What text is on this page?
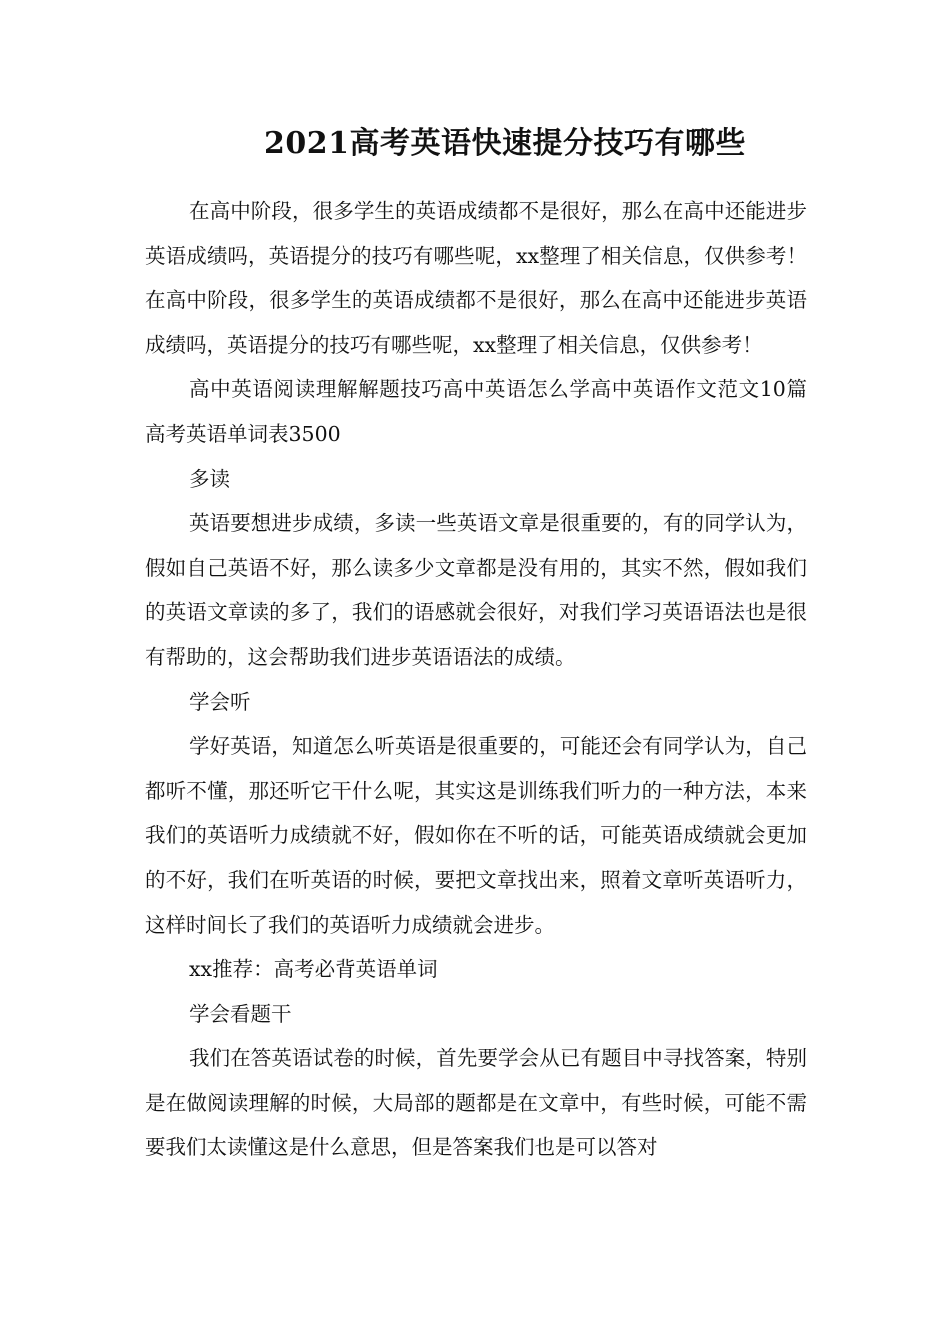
2021高考英语快速提分技巧有哪些

在高中阶段，很多学生的英语成绩都不是很好，那么在高中还能进步英语成绩吗，英语提分的技巧有哪些呢，xx整理了相关信息，仅供参考！在高中阶段，很多学生的英语成绩都不是很好，那么在高中还能进步英语成绩吗，英语提分的技巧有哪些呢，xx整理了相关信息，仅供参考！

高中英语阅读理解解题技巧高中英语怎么学高中英语作文范文10篇高考英语单词表3500

多读

英语要想进步成绩，多读一些英语文章是很重要的，有的同学认为，假如自己英语不好，那么读多少文章都是没有用的，其实不然，假如我们的英语文章读的多了，我们的语感就会很好，对我们学习英语语法也是很有帮助的，这会帮助我们进步英语语法的成绩。

学会听

学好英语，知道怎么听英语是很重要的，可能还会有同学认为，自己都听不懂，那还听它干什么呢，其实这是训练我们听力的一种方法，本来我们的英语听力成绩就不好，假如你在不听的话，可能英语成绩就会更加的不好，我们在听英语的时候，要把文章找出来，照着文章听英语听力，这样时间长了我们的英语听力成绩就会进步。

xx推荐：高考必背英语单词

学会看题干

我们在答英语试卷的时候，首先要学会从已有题目中寻找答案，特别是在做阅读理解的时候，大局部的题都是在文章中，有些时候，可能不需要我们太读懂这是什么意思，但是答案我们也是可以答对
